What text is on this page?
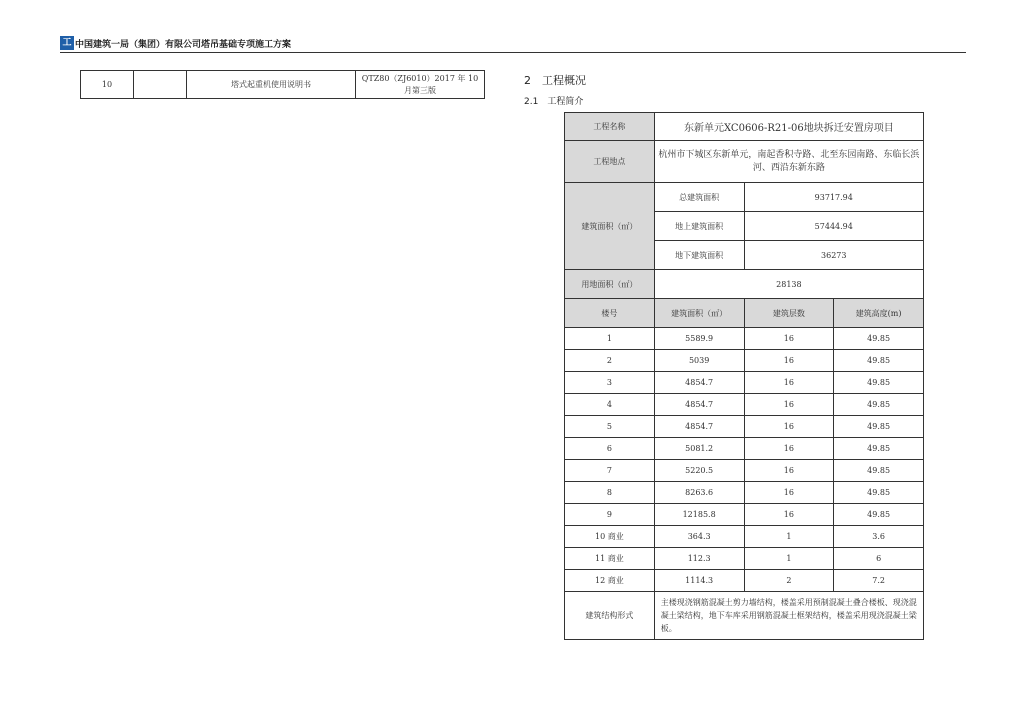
工 中国建筑一局（集团）有限公司塔吊基础专项施工方案
10		塔式起重机使用说明书	QTZ80（ZJ6010）2017 年 10 月第三版
2　工程概况
2.1　工程简介
工程名称	东新单元XC0606-R21-06地块拆迁安置房项目		
工程地点	杭州市下城区东新单元，南起香积寺路、北至东园南路、东临长浜河、西沿东新东路		
建筑面积（㎡）	总建筑面积	93717.94	
	地上建筑面积	57444.94	
	地下建筑面积	36273	
用地面积（㎡）	28138		
楼号	建筑面积（㎡）	建筑层数	建筑高度(m)
1	5589.9	16	49.85
2	5039	16	49.85
3	4854.7	16	49.85
4	4854.7	16	49.85
5	4854.7	16	49.85
6	5081.2	16	49.85
7	5220.5	16	49.85
8	8263.6	16	49.85
9	12185.8	16	49.85
10 商业	364.3	1	3.6
11 商业	112.3	1	6
12 商业	1114.3	2	7.2
建筑结构形式	主楼现浇钢筋混凝土剪力墙结构，楼盖采用预制混凝土叠合楼板、现浇混凝土梁结构，地下车库采用钢筋混凝土框架结构，楼盖采用现浇混凝土梁板。		
